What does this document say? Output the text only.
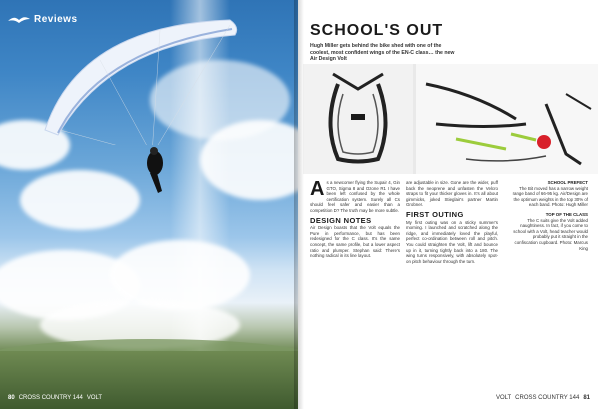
Reviews
80 CROSS COUNTRY 144 VOLT
SCHOOL'S OUT
Hugh Miller gets behind the bike shed with one of the coolest, most confident wings of the EN-C class… the new Air Design Volt
A s a newcomer flying the Supair 4, Gin GTO, Sigma 8 and Ozone R1 I have been left confused by the whole certification system. Surely all Cs should feel safer and easier than a competition D? The truth may be more subtle.
DESIGN NOTES
Air Design boasts that the Volt equals the Pure in performance, but has been redesigned for the C class. It's the same concept, the same profile, but a lower aspect ratio and plumper. Stephan said: There's nothing radical in its line layout.
are adjustable in size. Gone are the wider, puff back the neoprene and unfasten the Velcro straps to fit your thicker gloves in. It's all about gimmicks, joked Stieglair's partner Martin Grobner.
FIRST OUTING
My first outing was on a sticky summer's morning. I launched and scratched along the ridge, and immediately loved the playful, perfect co-ordination between roll and pitch. You could straighten the Volt, lift and bounce up in it, turning tightly back into a 180. The wing turns responsively, with absolutely spot-on pitch behaviour through the turn.
SCHOOL PREFECT
The Bit moved has a narrow weight range band of 66-95 kg. Air/Design are the optimum weights in the top 30% of each band. Photo: Hugh Miller
TOP OF THE CLASS
The C suits give the Volt added naughtiness. In fact, if you come to school with a Volt, head teacher would probably put it straight in the confiscation cupboard. Photo: Marcus King
VOLT CROSS COUNTRY 144 81
